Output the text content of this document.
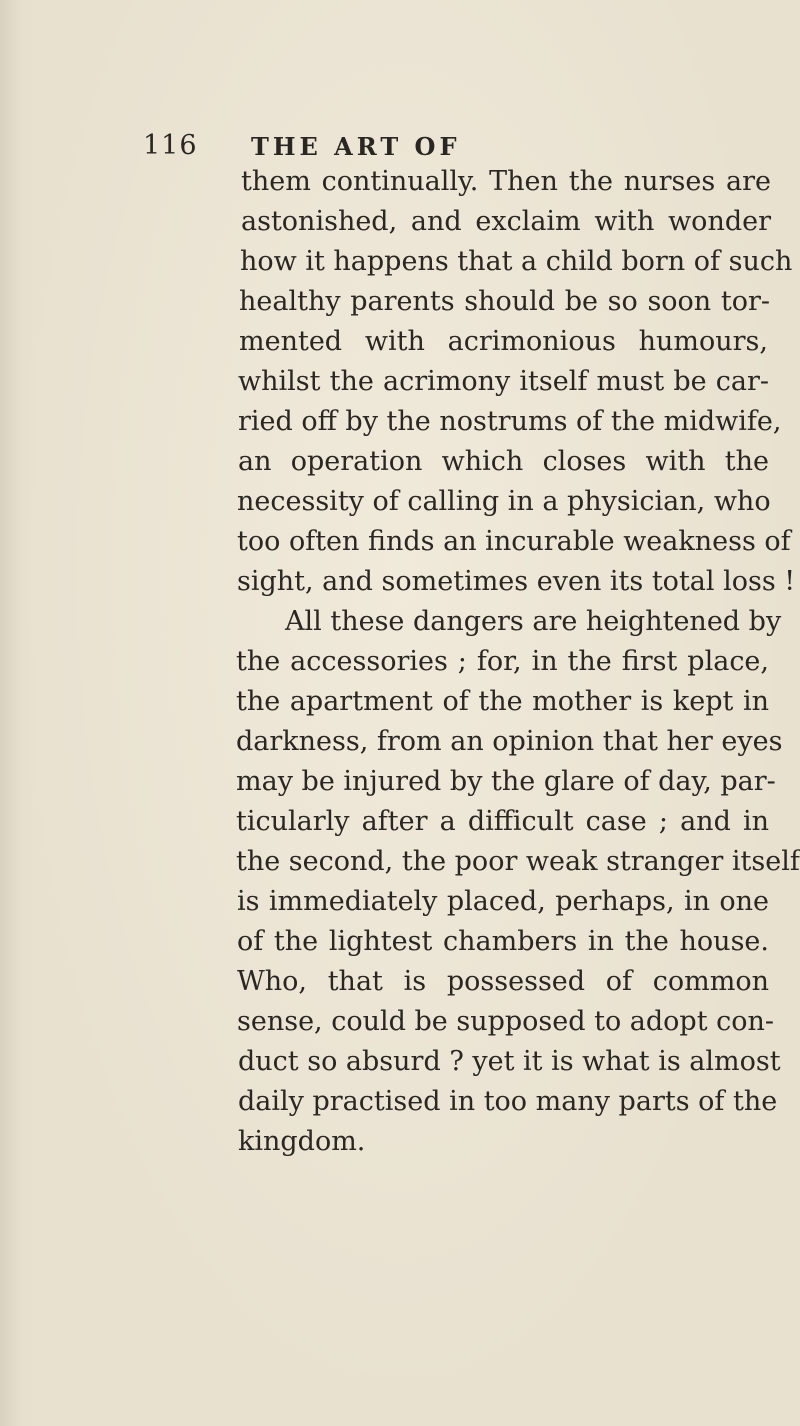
116 THE ART OF
them continually. Then the nurses are
astonished, and exclaim with wonder
how it happens that a child born of such
healthy parents should be so soon tor-
mented with acrimonious humours,
whilst the acrimony itself must be car-
ried off by the nostrums of the midwife,
an operation which closes with the
necessity of calling in a physician, who
too often finds an incurable weakness of
sight, and sometimes even its total loss !
All these dangers are heightened by
the accessories ; for, in the first place,
the apartment of the mother is kept in
darkness, from an opinion that her eyes
may be injured by the glare of day, par-
ticularly after a difficult case ; and in
the second, the poor weak stranger itself
is immediately placed, perhaps, in one
of the lightest chambers in the house.
Who, that is possessed of common
sense, could be supposed to adopt con-
duct so absurd ? yet it is what is almost
daily practised in too many parts of the
kingdom.
